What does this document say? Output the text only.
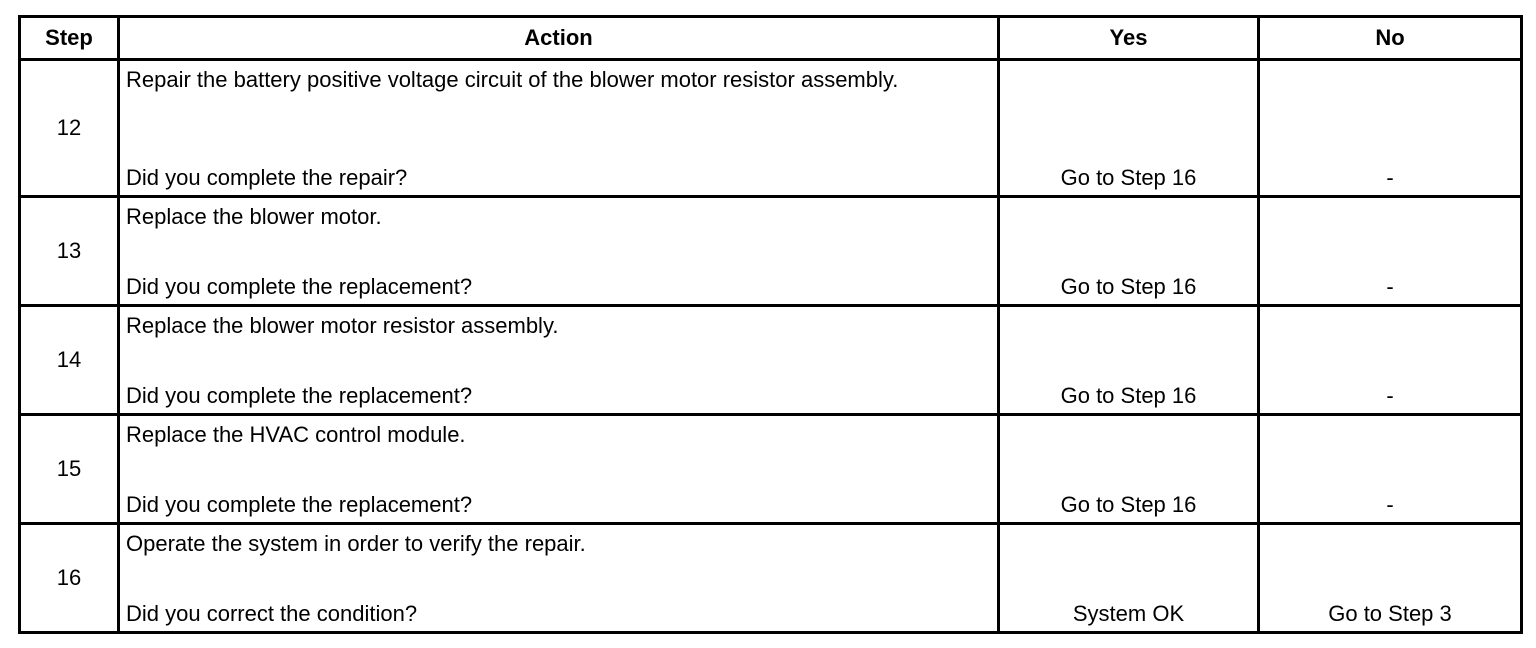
Step	Action	Yes	No
12	Repair the battery positive voltage circuit of the blower motor resistor assembly.
Did you complete the repair?	Go to Step 16	-

13	Replace the blower motor.
Did you complete the replacement?	Go to Step 16	-

14	Replace the blower motor resistor assembly.
Did you complete the replacement?	Go to Step 16	-

15	Replace the HVAC control module.
Did you complete the replacement?	Go to Step 16	-

16	Operate the system in order to verify the repair.
Did you correct the condition?	System OK	Go to Step 3
